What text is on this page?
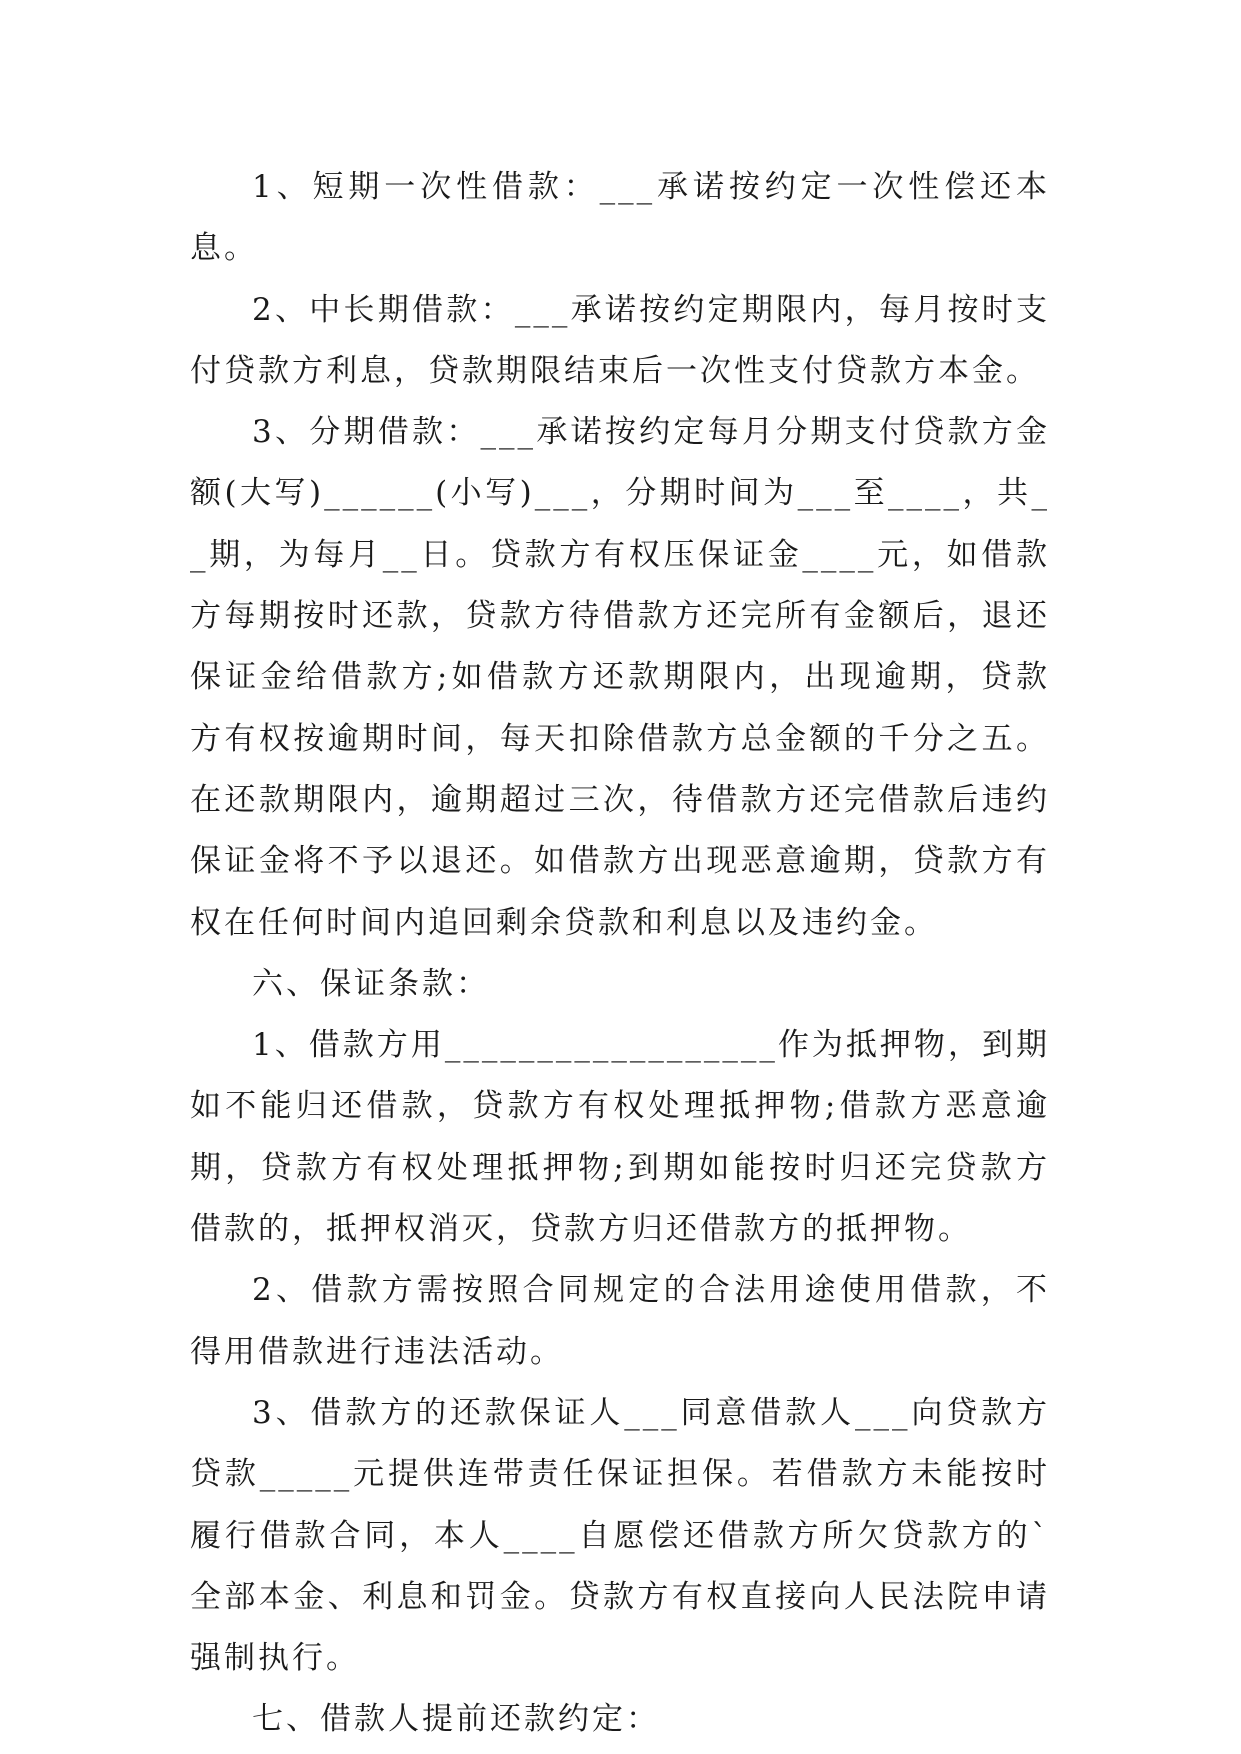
1、短期一次性借款：___承诺按约定一次性偿还本息。

2、中长期借款：___承诺按约定期限内，每月按时支付贷款方利息，贷款期限结束后一次性支付贷款方本金。

3、分期借款：___承诺按约定每月分期支付贷款方金额(大写)______(小写)___，分期时间为___至____，共__期，为每月__日。贷款方有权压保证金____元，如借款方每期按时还款，贷款方待借款方还完所有金额后，退还保证金给借款方;如借款方还款期限内，出现逾期，贷款方有权按逾期时间，每天扣除借款方总金额的千分之五。在还款期限内，逾期超过三次，待借款方还完借款后违约保证金将不予以退还。如借款方出现恶意逾期，贷款方有权在任何时间内追回剩余贷款和利息以及违约金。

六、保证条款：

1、借款方用__________________作为抵押物，到期如不能归还借款，贷款方有权处理抵押物;借款方恶意逾期，贷款方有权处理抵押物;到期如能按时归还完贷款方借款的，抵押权消灭，贷款方归还借款方的抵押物。

2、借款方需按照合同规定的合法用途使用借款，不得用借款进行违法活动。

3、借款方的还款保证人___同意借款人___向贷款方贷款_____元提供连带责任保证担保。若借款方未能按时履行借款合同，本人____自愿偿还借款方所欠贷款方的`全部本金、利息和罚金。贷款方有权直接向人民法院申请强制执行。

七、借款人提前还款约定：
